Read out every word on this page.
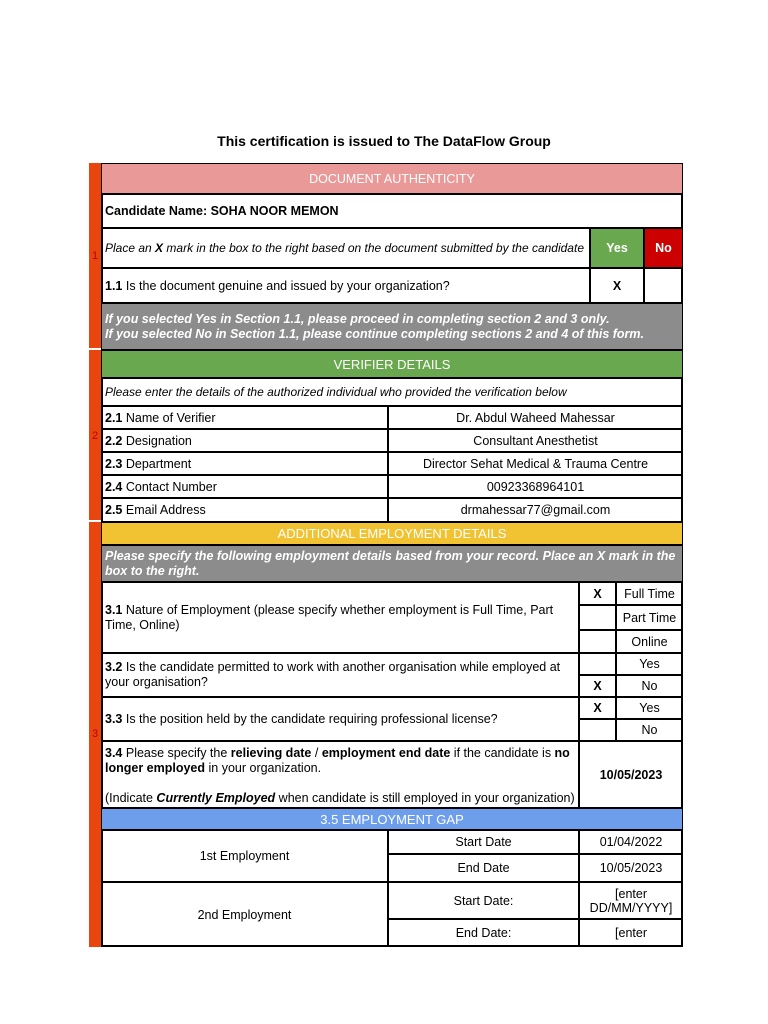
This certification is issued to The DataFlow Group
1
2
3
DOCUMENT AUTHENTICITY
Candidate Name: SOHA NOOR MEMON
Place an X mark in the box to the right based on the document submitted by the candidate	Yes	No
1.1 Is the document genuine and issued by your organization?	X
If you selected Yes in Section 1.1, please proceed in completing section 2 and 3 only.
If you selected No in Section 1.1, please continue completing sections 2 and 4 of this form.
VERIFIER DETAILS
Please enter the details of the authorized individual who provided the verification below
2.1 Name of Verifier	Dr. Abdul Waheed Mahessar
2.2 Designation	Consultant Anesthetist
2.3 Department	Director Sehat Medical & Trauma Centre
2.4 Contact Number	00923368964101
2.5 Email Address	drmahessar77@gmail.com
ADDITIONAL EMPLOYMENT DETAILS
Please specify the following employment details based from your record. Place an X mark in the box to the right.
3.1 Nature of Employment (please specify whether employment is Full Time, Part Time, Online)
X	Full Time
Part Time
Online
3.2 Is the candidate permitted to work with another organisation while employed at your organisation?
Yes
X	No
3.3 Is the position held by the candidate requiring professional license?
X	Yes
No
3.4 Please specify the relieving date / employment end date if the candidate is no longer employed in your organization.

(Indicate Currently Employed when candidate is still employed in your organization)
10/05/2023
3.5 EMPLOYMENT GAP
1st Employment
Start Date	01/04/2022
End Date	10/05/2023
2nd Employment
Start Date:	[enter DD/MM/YYYY]
End Date:	[enter
